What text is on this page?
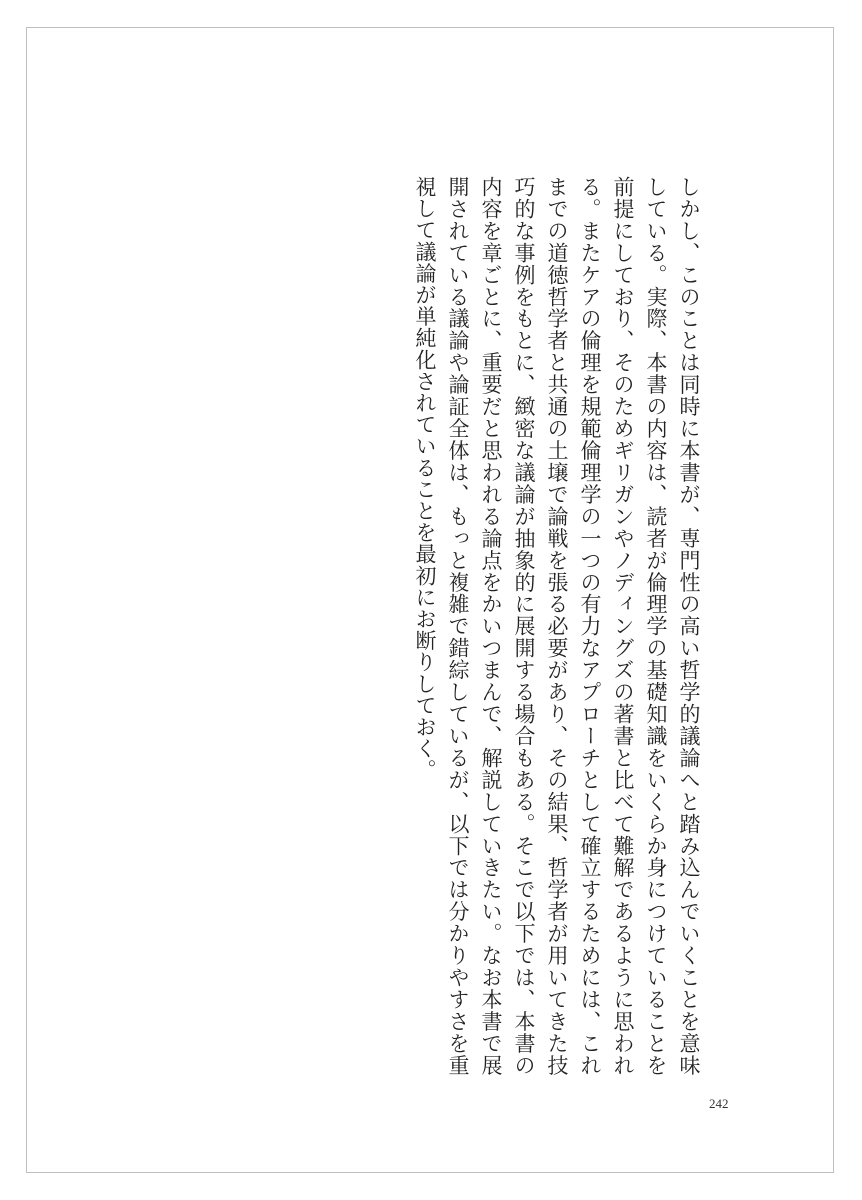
しかし、このことは同時に本書が、専門性の高い哲学的議論へと踏み込んでいくことを意味している。実際、本書の内容は、読者が倫理学の基礎知識をいくらか身につけていることを前提にしており、そのためギリガンやノディングズの著書と比べて難解であるように思われる。またケアの倫理を規範倫理学の一つの有力なアプローチとして確立するためには、これまでの道徳哲学者と共通の土壌で論戦を張る必要があり、その結果、哲学者が用いてきた技巧的な事例をもとに、緻密な議論が抽象的に展開する場合もある。そこで以下では、本書の内容を章ごとに、重要だと思われる論点をかいつまんで、解説していきたい。なお本書で展開されている議論や論証全体は、もっと複雑で錯綜しているが、以下では分かりやすさを重視して議論が単純化されていることを最初にお断りしておく。

242
